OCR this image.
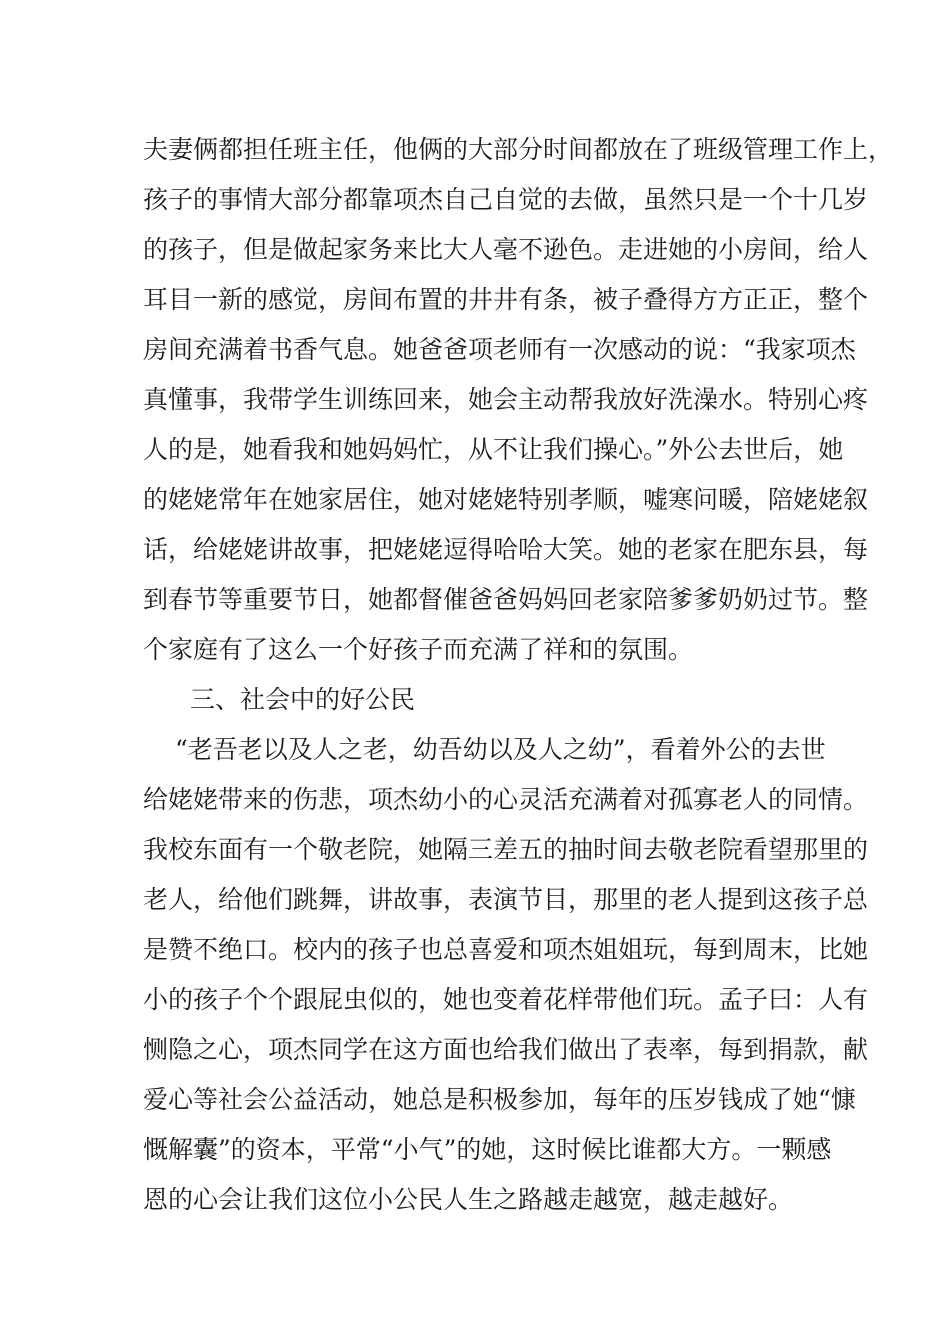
夫妻俩都担任班主任，他俩的大部分时间都放在了班级管理工作上，

孩子的事情大部分都靠项杰自己自觉的去做，虽然只是一个十几岁

的孩子，但是做起家务来比大人毫不逊色。走进她的小房间，给人

耳目一新的感觉，房间布置的井井有条，被子叠得方方正正，整个

房间充满着书香气息。她爸爸项老师有一次感动的说：“我家项杰

真懂事，我带学生训练回来，她会主动帮我放好洗澡水。特别心疼

人的是，她看我和她妈妈忙，从不让我们操心。”外公去世后，她

的姥姥常年在她家居住，她对姥姥特别孝顺，嘘寒问暖，陪姥姥叙

话，给姥姥讲故事，把姥姥逗得哈哈大笑。她的老家在肥东县，每

到春节等重要节日，她都督催爸爸妈妈回老家陪爹爹奶奶过节。整

个家庭有了这么一个好孩子而充满了祥和的氛围。

三、社会中的好公民

“老吾老以及人之老，幼吾幼以及人之幼”，看着外公的去世

给姥姥带来的伤悲，项杰幼小的心灵活充满着对孤寡老人的同情。

我校东面有一个敬老院，她隔三差五的抽时间去敬老院看望那里的

老人，给他们跳舞，讲故事，表演节目，那里的老人提到这孩子总

是赞不绝口。校内的孩子也总喜爱和项杰姐姐玩，每到周末，比她

小的孩子个个跟屁虫似的，她也变着花样带他们玩。孟子曰：人有

恻隐之心，项杰同学在这方面也给我们做出了表率，每到捐款，献

爱心等社会公益活动，她总是积极参加，每年的压岁钱成了她“慷

慨解囊”的资本，平常“小气”的她，这时候比谁都大方。一颗感

恩的心会让我们这位小公民人生之路越走越宽，越走越好。
